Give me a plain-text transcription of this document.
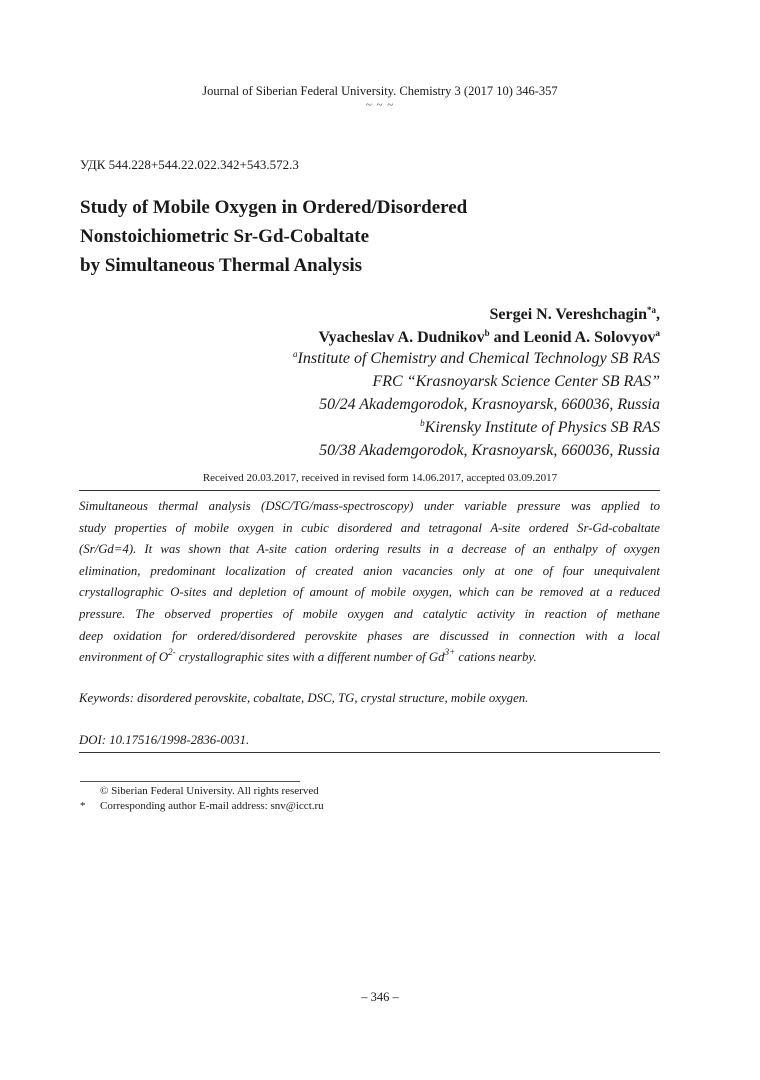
Journal of Siberian Federal University. Chemistry 3 (2017 10) 346-357
~ ~ ~
УДК 544.228+544.22.022.342+543.572.3
Study of Mobile Oxygen in Ordered/Disordered
Nonstoichiometric Sr-Gd-Cobaltate
by Simultaneous Thermal Analysis
Sergei N. Vereshchagin$^{*a}$,
Vyacheslav A. Dudnikov$^b$ and Leonid A. Solovyov$^a$
$^a$Institute of Chemistry and Chemical Technology SB RAS
FRC “Krasnoyarsk Science Center SB RAS”
50/24 Akademgorodok, Krasnoyarsk, 660036, Russia
$^b$Kirensky Institute of Physics SB RAS
50/38 Akademgorodok, Krasnoyarsk, 660036, Russia
Received 20.03.2017, received in revised form 14.06.2017, accepted 03.09.2017
Simultaneous thermal analysis (DSC/TG/mass-spectroscopy) under variable pressure was applied to
study properties of mobile oxygen in cubic disordered and tetragonal A-site ordered Sr-Gd-cobaltate
(Sr/Gd=4). It was shown that A-site cation ordering results in a decrease of an enthalpy of oxygen
elimination, predominant localization of created anion vacancies only at one of four unequivalent
crystallographic O-sites and depletion of amount of mobile oxygen, which can be removed at a reduced
pressure. The observed properties of mobile oxygen and catalytic activity in reaction of methane
deep oxidation for ordered/disordered perovskite phases are discussed in connection with a local
environment of $O^{2-}$ crystallographic sites with a different number of $Gd^{3+}$ cations nearby.
Keywords: disordered perovskite, cobaltate, DSC, TG, crystal structure, mobile oxygen.
DOI: 10.17516/1998-2836-0031.
© Siberian Federal University. All rights reserved
* Corresponding author E-mail address: snv@icct.ru
– 346 –
